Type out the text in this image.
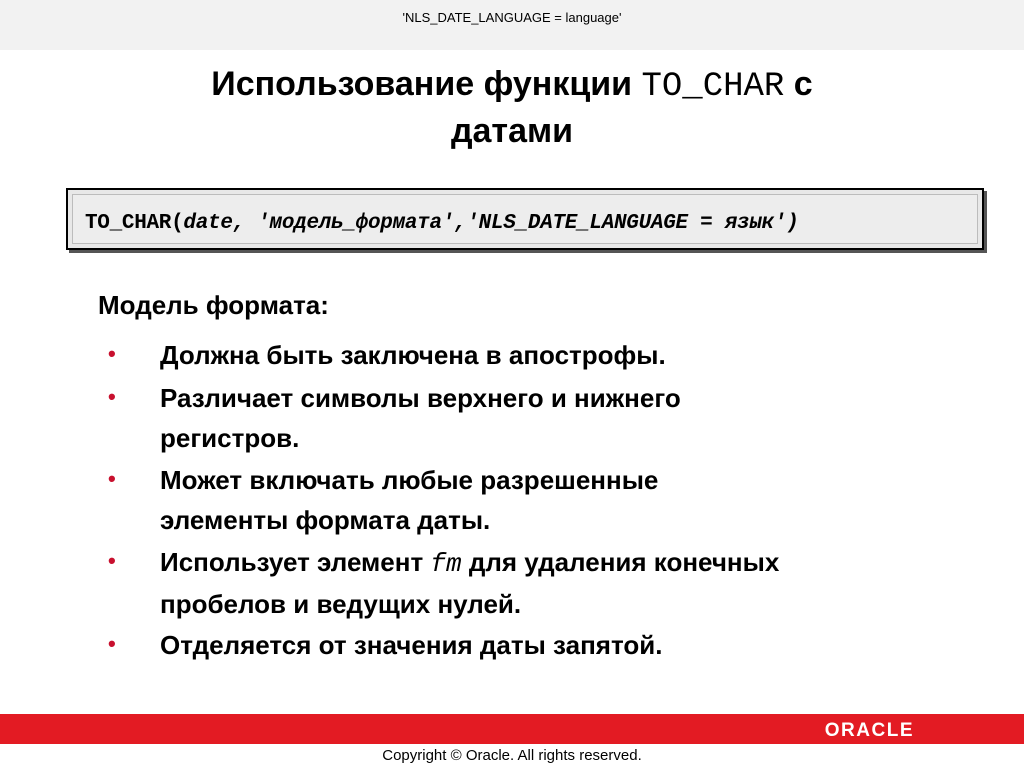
'NLS_DATE_LANGUAGE = language'
Использование функции TO_CHAR с
датами
TO_CHAR(date, 'модель_формата','NLS_DATE_LANGUAGE = язык')
Модель формата:
• Должна быть заключена в апострофы.
• Различает символы верхнего и нижнего
регистров.
• Может включать любые разрешенные
элементы формата даты.
• Использует элемент fm для удаления конечных
пробелов и ведущих нулей.
• Отделяется от значения даты запятой.
ORACLE
Copyright © Oracle. All rights reserved.
